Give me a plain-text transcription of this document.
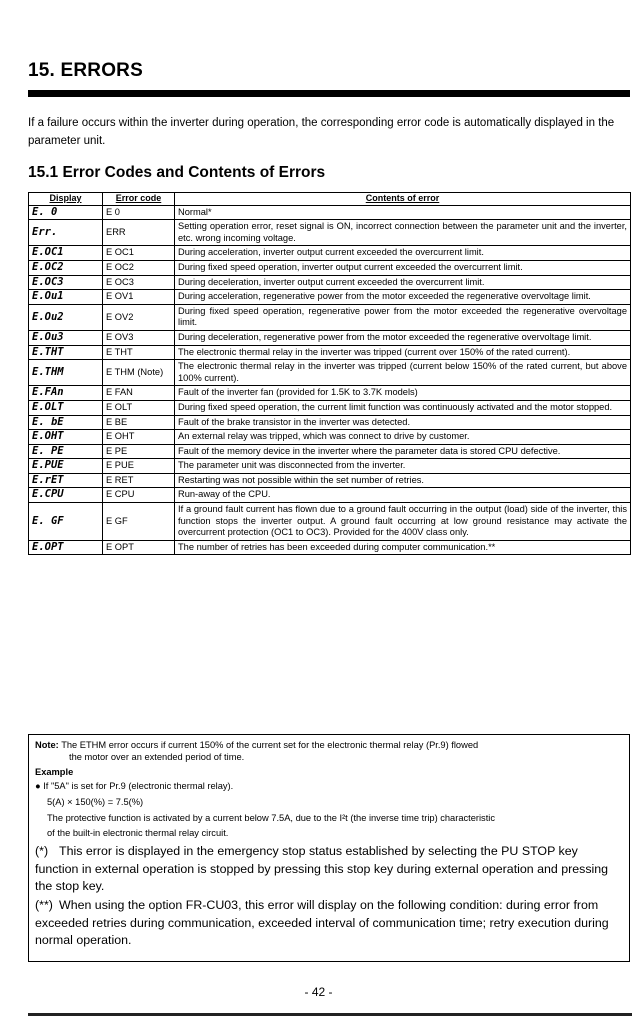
15. ERRORS
If a failure occurs within the inverter during operation, the corresponding error code is automatically displayed in the parameter unit.
15.1 Error Codes and Contents of Errors
Display	Error code	Contents of error
E. 0	E 0	Normal*
Err.	ERR	Setting operation error, reset signal is ON, incorrect connection between the parameter unit and the inverter, etc. wrong incoming voltage.
E.OC1	E OC1	During acceleration, inverter output current exceeded the overcurrent limit.
E.OC2	E OC2	During fixed speed operation, inverter output current exceeded the overcurrent limit.
E.OC3	E OC3	During deceleration, inverter output current exceeded the overcurrent limit.
E.Ou1	E OV1	During acceleration, regenerative power from the motor exceeded the regenerative overvoltage limit.
E.Ou2	E OV2	During fixed speed operation, regenerative power from the motor exceeded the regenerative overvoltage limit.
E.Ou3	E OV3	During deceleration, regenerative power from the motor exceeded the regenerative overvoltage limit.
E.THT	E THT	The electronic thermal relay in the inverter was tripped (current over 150% of the rated current).
E.THM	E THM (Note)	The electronic thermal relay in the inverter was tripped (current below 150% of the rated current, but above 100% current).
E.FAn	E FAN	Fault of the inverter fan (provided for 1.5K to 3.7K models)
E.OLT	E OLT	During fixed speed operation, the current limit function was continuously activated and the motor stopped.
E. bE	E BE	Fault of the brake transistor in the inverter was detected.
E.OHT	E OHT	An external relay was tripped, which was connect to drive by customer.
E. PE	E PE	Fault of the memory device in the inverter where the parameter data is stored CPU defective.
E.PUE	E PUE	The parameter unit was disconnected from the inverter.
E.rET	E RET	Restarting was not possible within the set number of retries.
E.CPU	E CPU	Run-away of the CPU.
E. GF	E GF	If a ground fault current has flown due to a ground fault occurring in the output (load) side of the inverter, this function stops the inverter output. A ground fault occurring at low ground resistance may activate the overcurrent protection (OC1 to OC3). Provided for the 400V class only.
E.OPT	E OPT	The number of retries has been exceeded during computer communication.**
Note: The ETHM error occurs if current 150% of the current set for the electronic thermal relay (Pr.9) flowed
the motor over an extended period of time.
Example
● If "5A" is set for Pr.9 (electronic thermal relay).
5(A) × 150(%) = 7.5(%)
The protective function is activated by a current below 7.5A, due to the I²t (the inverse time trip) characteristic
of the built-in electronic thermal relay circuit.
(*) This error is displayed in the emergency stop status established by selecting the PU STOP key function in external operation is stopped by pressing this stop key during external operation and pressing the stop key.
(**) When using the option FR-CU03, this error will display on the following condition: during error from exceeded retries during communication, exceeded interval of communication time; retry execution during normal operation.
- 42 -
